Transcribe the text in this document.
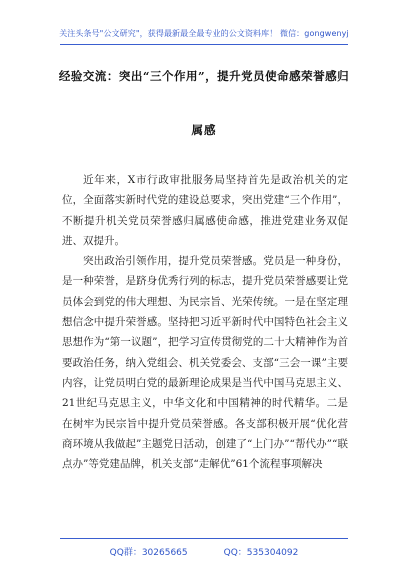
关注头条号"公文研究"，获得最新最全最专业的公文资料库！ 微信：gongwenyj
经验交流：突出“三个作用”，提升党员使命感荣誉感归
属感

近年来，X市行政审批服务局坚持首先是政治机关的定位，全面落实新时代党的建设总要求，突出党建“三个作用”，不断提升机关党员荣誉感归属感使命感，推进党建业务双促进、双提升。

突出政治引领作用，提升党员荣誉感。党员是一种身份，是一种荣誉，是跻身优秀行列的标志，提升党员荣誉感要让党员体会到党的伟大理想、为民宗旨、光荣传统。一是在坚定理想信念中提升荣誉感。坚持把习近平新时代中国特色社会主义思想作为“第一议题”，把学习宣传贯彻党的二十大精神作为首要政治任务，纳入党组会、机关党委会、支部“三会一课”主要内容，让党员明白党的最新理论成果是当代中国马克思主义、21世纪马克思主义，中华文化和中国精神的时代精华。二是在树牢为民宗旨中提升党员荣誉感。各支部积极开展“优化营商环境从我做起”主题党日活动，创建了“上门办”“帮代办”“联点办”等党建品牌，机关支部“走解优”61个流程事项解决

QQ群：30265665	QQ：535304092
